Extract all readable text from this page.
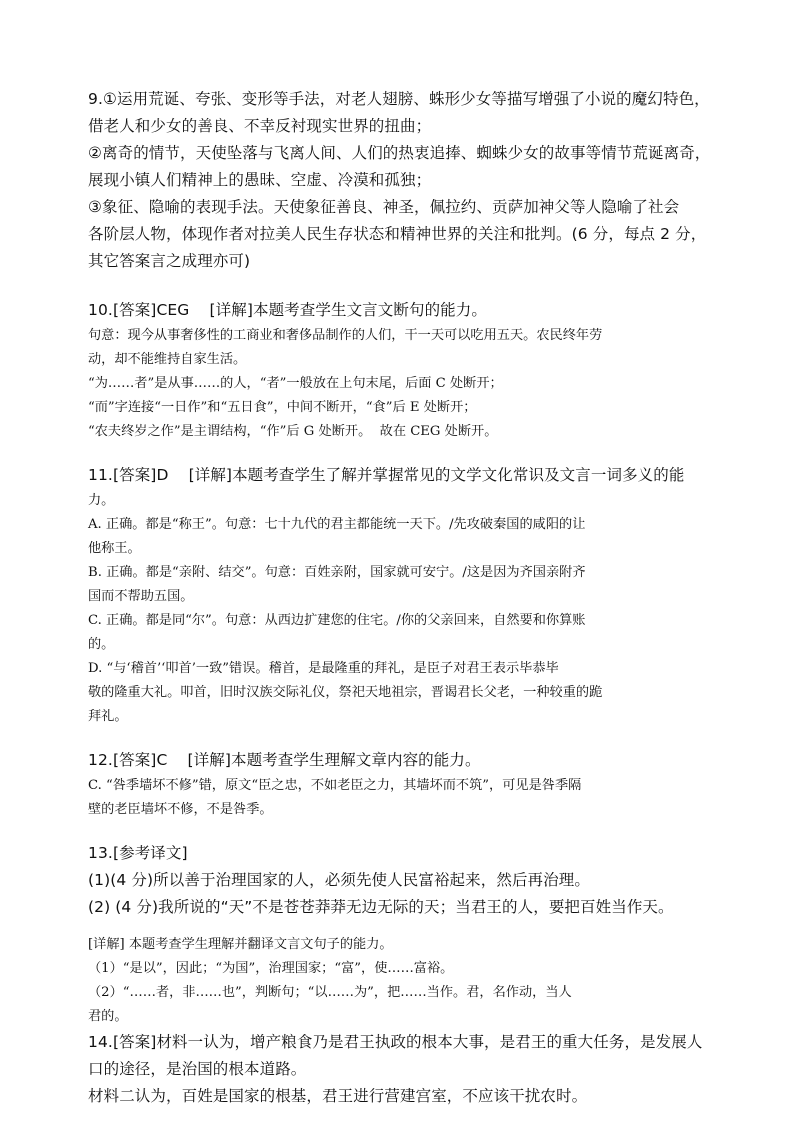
9.①运用荒诞、夸张、变形等手法，对老人翅膀、蛛形少女等描写增强了小说的魔幻特色，

借老人和少女的善良、不幸反衬现实世界的扭曲；

②离奇的情节，天使坠落与飞离人间、人们的热衷追捧、蜘蛛少女的故事等情节荒诞离奇，

展现小镇人们精神上的愚昧、空虚、冷漠和孤独；

③象征、隐喻的表现手法。天使象征善良、神圣，佩拉约、贡萨加神父等人隐喻了社会

各阶层人物，体现作者对拉美人民生存状态和精神世界的关注和批判。(6 分，每点 2 分，

其它答案言之成理亦可)

10.[答案]CEG    [详解]本题考查学生文言文断句的能力。

句意：现今从事奢侈性的工商业和奢侈品制作的人们，干一天可以吃用五天。农民终年劳

动，却不能维持自家生活。

“为……者”是从事……的人，“者”一般放在上句末尾，后面 C 处断开；

“而”字连接“一日作”和“五日食”，中间不断开，“食”后 E 处断开；

“农夫终岁之作”是主谓结构，“作”后 G 处断开。  故在 CEG 处断开。

11.[答案]D    [详解]本题考查学生了解并掌握常见的文学文化常识及文言一词多义的能

力。

A. 正确。都是“称王”。句意：七十九代的君主都能统一天下。/先攻破秦国的咸阳的让

他称王。

B. 正确。都是“亲附、结交”。句意：百姓亲附，国家就可安宁。/这是因为齐国亲附齐

国而不帮助五国。

C. 正确。都是同“尔”。句意：从西边扩建您的住宅。/你的父亲回来，自然要和你算账

的。

D. “与‘稽首’‘叩首’一致”错误。稽首，是最隆重的拜礼，是臣子对君王表示毕恭毕

敬的隆重大礼。叩首，旧时汉族交际礼仪，祭祀天地祖宗，晋谒君长父老，一种较重的跪

拜礼。

12.[答案]C    [详解]本题考查学生理解文章内容的能力。

C. “咎季墙坏不修”错，原文“臣之忠，不如老臣之力，其墙坏而不筑”，可见是咎季隔

壁的老臣墙坏不修，不是咎季。

13.[参考译文]

(1)(4 分)所以善于治理国家的人，必须先使人民富裕起来，然后再治理。

(2) (4 分)我所说的“天”不是苍苍莽莽无边无际的天；当君王的人，要把百姓当作天。

[详解] 本题考查学生理解并翻译文言文句子的能力。

（1）“是以”，因此；“为国”，治理国家；“富”，使……富裕。

（2）“……者，非……也”，判断句；“以……为”，把……当作。君，名作动，当人

君的。

14.[答案]材料一认为，增产粮食乃是君王执政的根本大事，是君王的重大任务，是发展人

口的途径，是治国的根本道路。

材料二认为，百姓是国家的根基，君王进行营建宫室，不应该干扰农时。
